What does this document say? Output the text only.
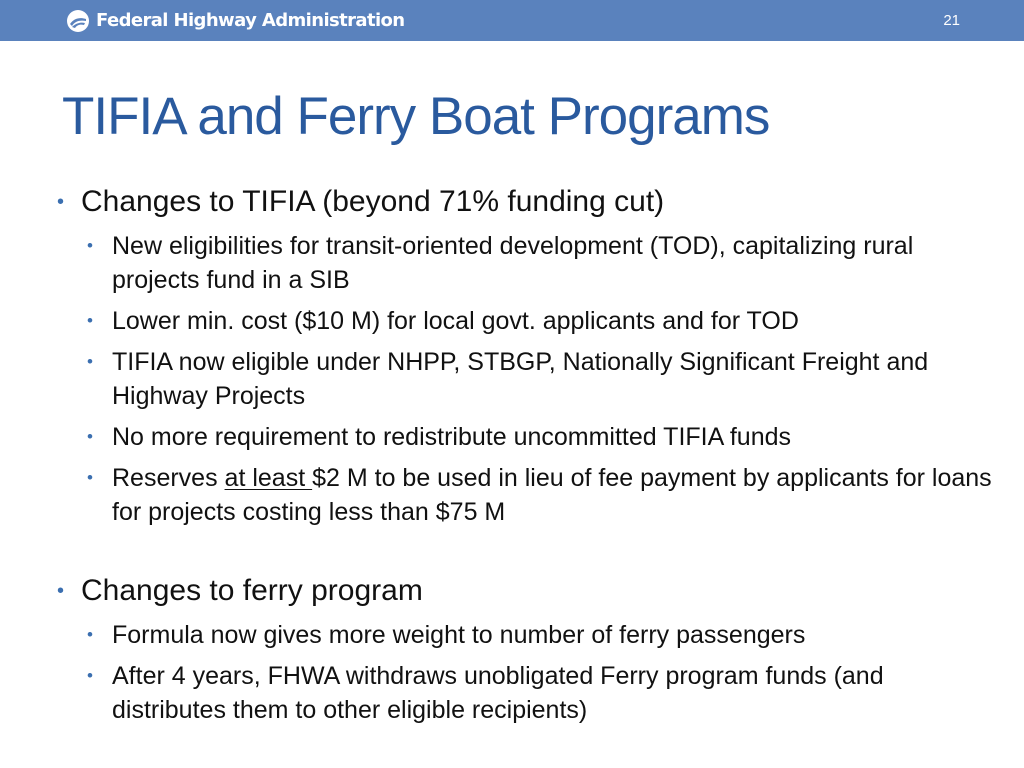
Federal Highway Administration	21
TIFIA and Ferry Boat Programs
• Changes to TIFIA (beyond 71% funding cut)
• New eligibilities for transit-oriented development (TOD), capitalizing rural projects fund in a SIB
• Lower min. cost ($10 M) for local govt. applicants and for TOD
• TIFIA now eligible under NHPP, STBGP, Nationally Significant Freight and Highway Projects
• No more requirement to redistribute uncommitted TIFIA funds
• Reserves at least $2 M to be used in lieu of fee payment by applicants for loans for projects costing less than $75 M
• Changes to ferry program
• Formula now gives more weight to number of ferry passengers
• After 4 years, FHWA withdraws unobligated Ferry program funds (and distributes them to other eligible recipients)
